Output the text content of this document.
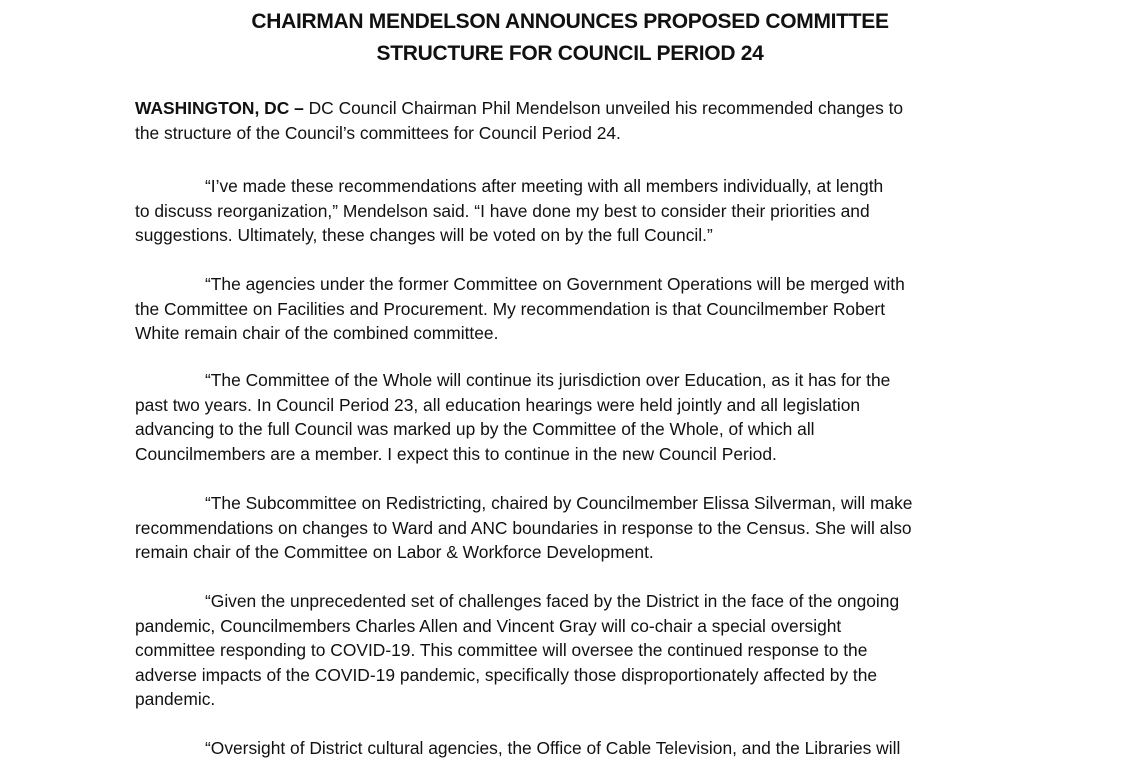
CHAIRMAN MENDELSON ANNOUNCES PROPOSED COMMITTEE
STRUCTURE FOR COUNCIL PERIOD 24

WASHINGTON, DC – DC Council Chairman Phil Mendelson unveiled his recommended changes to
the structure of the Council’s committees for Council Period 24.

“I’ve made these recommendations after meeting with all members individually, at length
to discuss reorganization,” Mendelson said. “I have done my best to consider their priorities and
suggestions. Ultimately, these changes will be voted on by the full Council.”

“The agencies under the former Committee on Government Operations will be merged with
the Committee on Facilities and Procurement. My recommendation is that Councilmember Robert
White remain chair of the combined committee.

“The Committee of the Whole will continue its jurisdiction over Education, as it has for the
past two years. In Council Period 23, all education hearings were held jointly and all legislation
advancing to the full Council was marked up by the Committee of the Whole, of which all
Councilmembers are a member. I expect this to continue in the new Council Period.

“The Subcommittee on Redistricting, chaired by Councilmember Elissa Silverman, will make
recommendations on changes to Ward and ANC boundaries in response to the Census. She will also
remain chair of the Committee on Labor & Workforce Development.

“Given the unprecedented set of challenges faced by the District in the face of the ongoing
pandemic, Councilmembers Charles Allen and Vincent Gray will co-chair a special oversight
committee responding to COVID-19. This committee will oversee the continued response to the
adverse impacts of the COVID-19 pandemic, specifically those disproportionately affected by the
pandemic.

“Oversight of District cultural agencies, the Office of Cable Television, and the Libraries will
